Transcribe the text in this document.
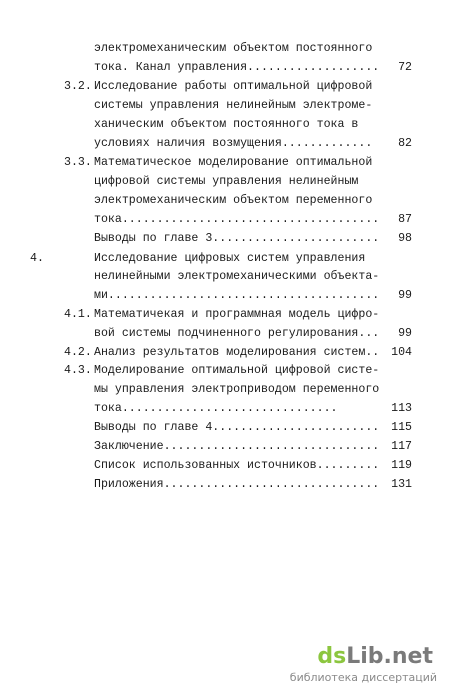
3.2.
3.3.
4.
4.1.
4.2.
4.3.
электромеханическим объектом постоянного
тока. Канал управления...................
Исследование работы оптимальной цифровой
системы управления нелинейным электроме-
ханическим объектом постоянного тока в
условиях наличия возмущения.............
Математическое моделирование оптимальной
цифровой системы управления нелинейным
электромеханическим объектом переменного
тока.....................................
Выводы по главе 3........................
Исследование цифровых систем управления
нелинейными электромеханическими объекта-
ми.......................................
Математичекая и программная модель цифро-
вой системы подчиненного регулирования...
Анализ результатов моделирования систем..
Моделирование оптимальной цифровой систе-
мы управления электроприводом переменного
тока...............................
Выводы по главе 4........................
Заключение...............................
Список использованных источников.........
Приложения...............................
72
82
87
98
99
99
104
113
115
117
119
131
dsLib.net
библиотека диссертаций
